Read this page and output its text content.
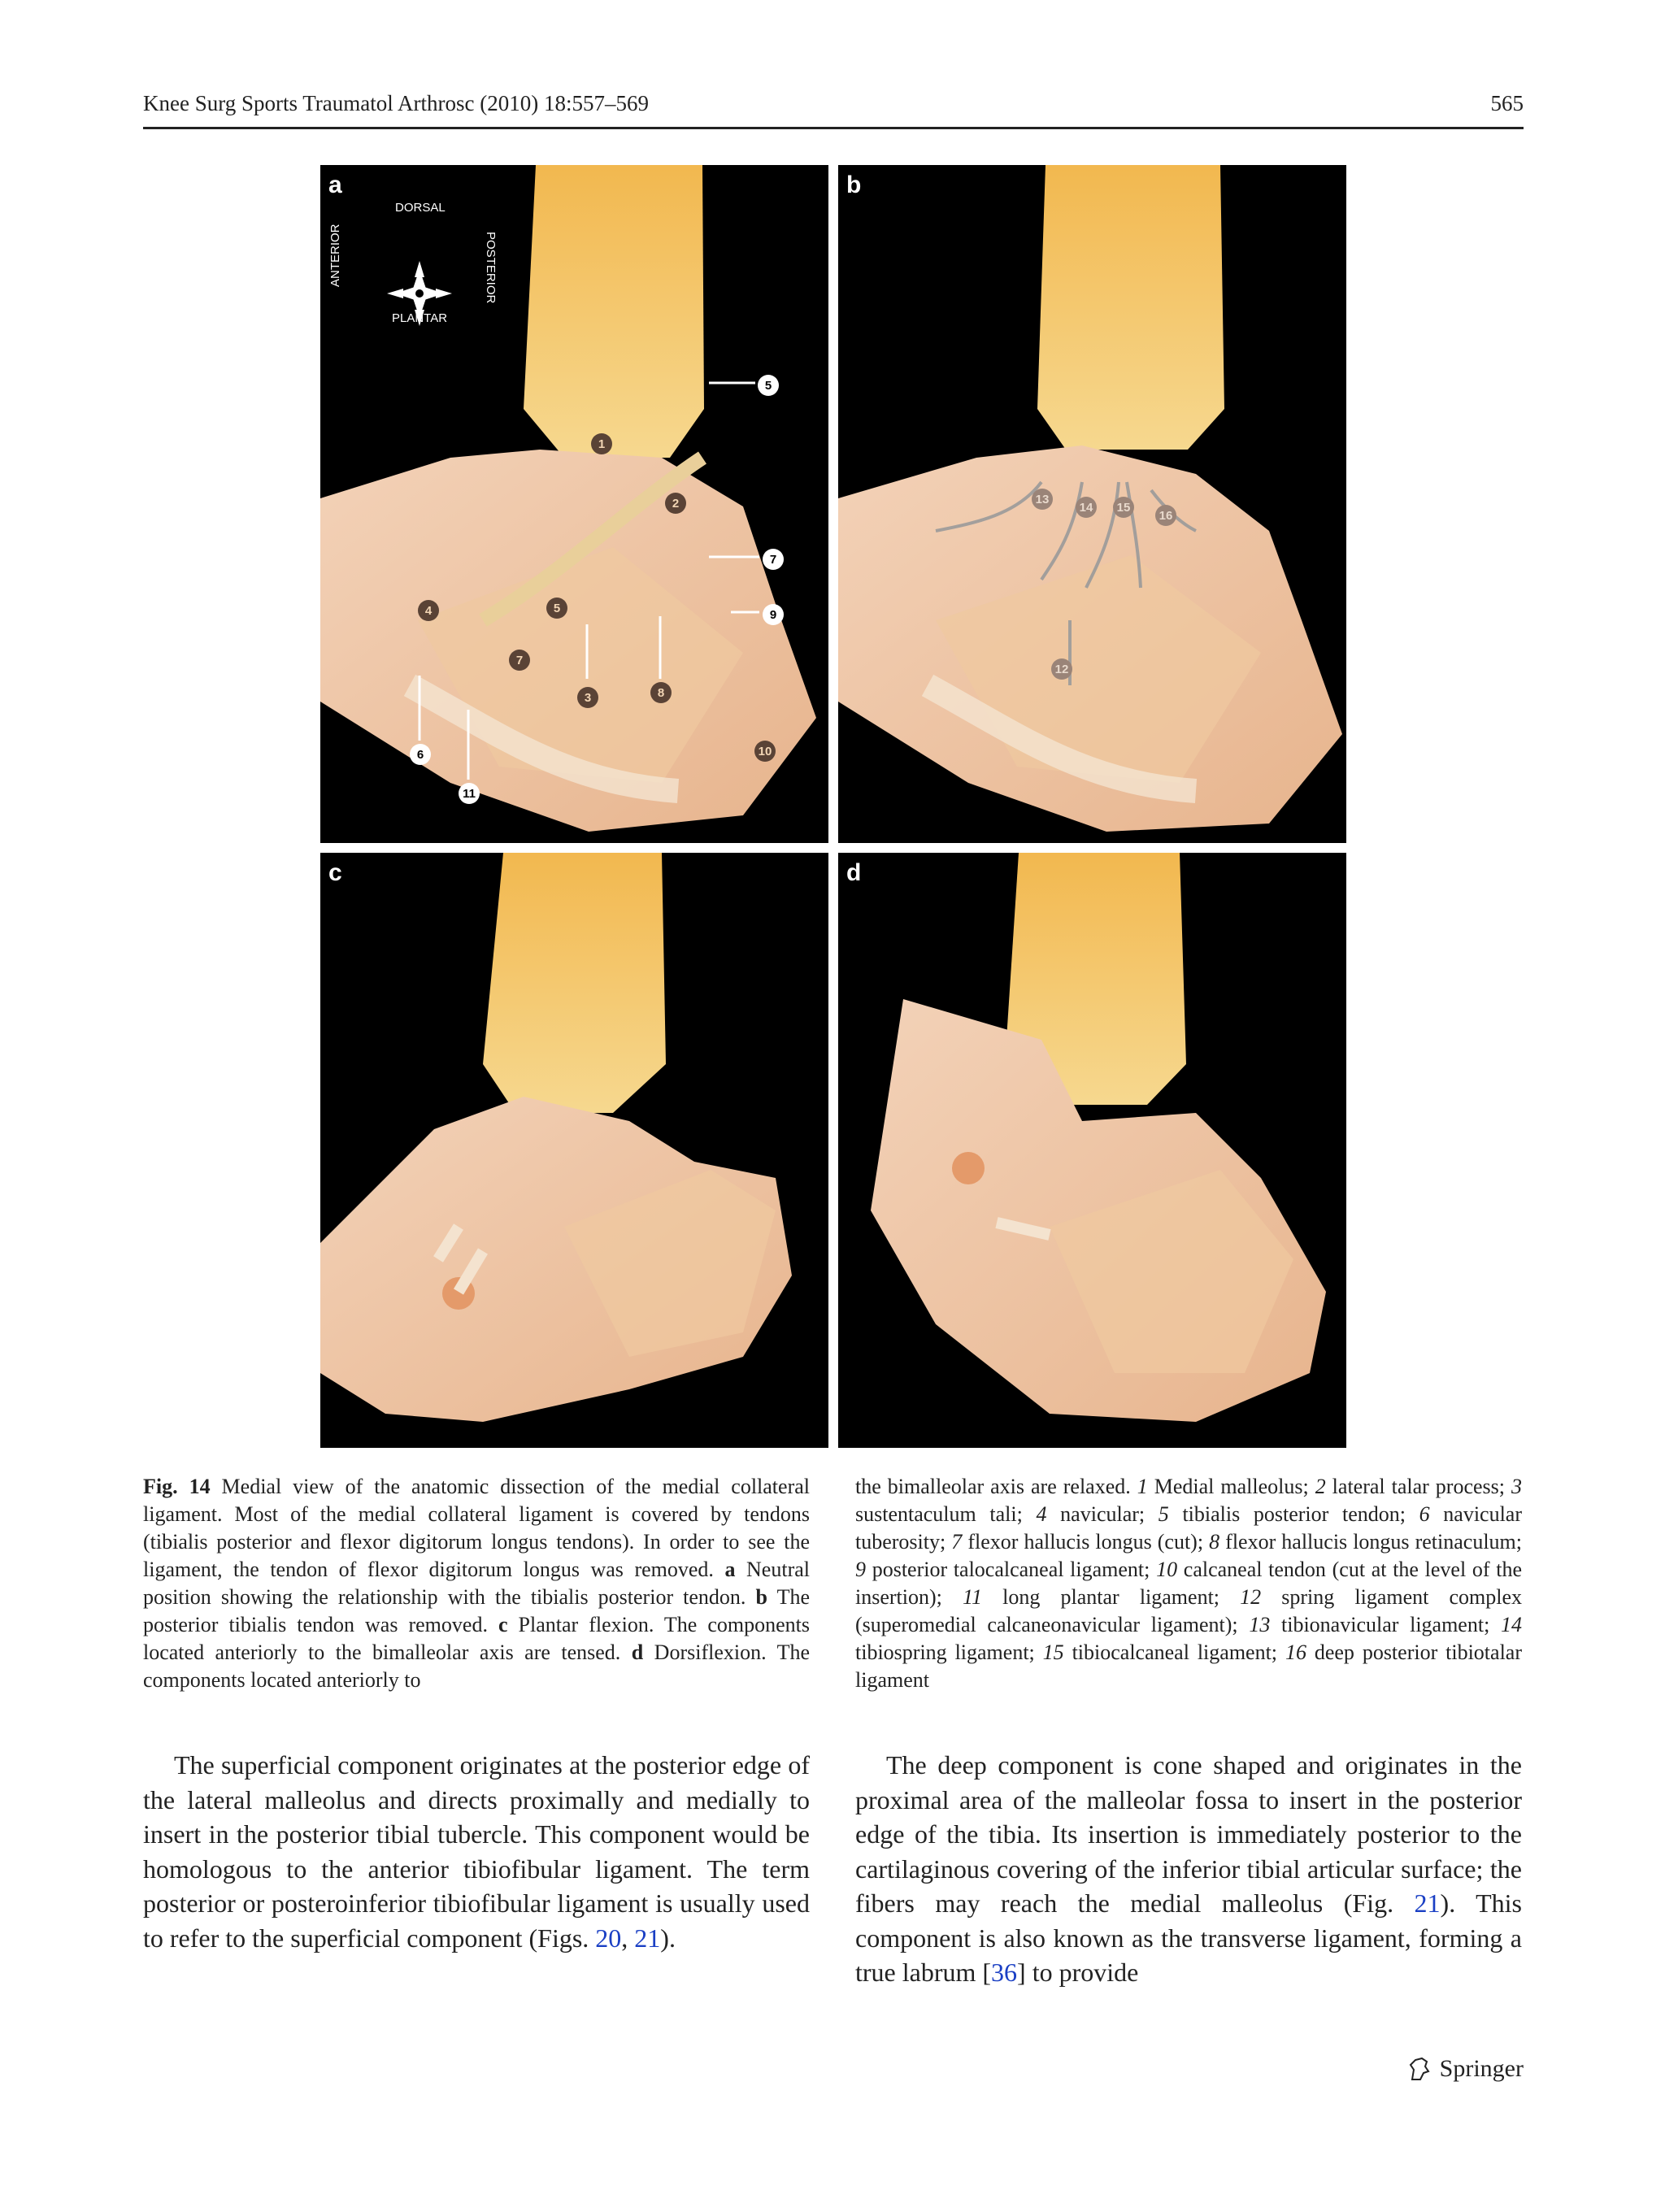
Knee Surg Sports Traumatol Arthrosc (2010) 18:557–569	565
a
DORSAL
PLANTAR
ANTERIOR	POSTERIOR
1
2
3
4
5
5
6
7
7
8
9
10
11
b
12
13
14	15
16
c	d

Fig. 14 Medial view of the anatomic dissection of the medial collateral ligament. Most of the medial collateral ligament is covered by tendons (tibialis posterior and flexor digitorum longus tendons). In order to see the ligament, the tendon of flexor digitorum longus was removed. a Neutral position showing the relationship with the tibialis posterior tendon. b The posterior tibialis tendon was removed. c Plantar flexion. The components located anteriorly to the bimalleolar axis are tensed. d Dorsiflexion. The components located anteriorly to

the bimalleolar axis are relaxed. 1 Medial malleolus; 2 lateral talar process; 3 sustentaculum tali; 4 navicular; 5 tibialis posterior tendon; 6 navicular tuberosity; 7 flexor hallucis longus (cut); 8 flexor hallucis longus retinaculum; 9 posterior talocalcaneal ligament; 10 calcaneal tendon (cut at the level of the insertion); 11 long plantar ligament; 12 spring ligament complex (superomedial calcaneonavicular ligament); 13 tibionavicular ligament; 14 tibiospring ligament; 15 tibiocalcaneal ligament; 16 deep posterior tibiotalar ligament

The superficial component originates at the posterior edge of the lateral malleolus and directs proximally and medially to insert in the posterior tibial tubercle. This component would be homologous to the anterior tibiofibular ligament. The term posterior or posteroinferior tibiofibular ligament is usually used to refer to the superficial component (Figs. 20, 21).

The deep component is cone shaped and originates in the proximal area of the malleolar fossa to insert in the posterior edge of the tibia. Its insertion is immediately posterior to the cartilaginous covering of the inferior tibial articular surface; the fibers may reach the medial malleolus (Fig. 21). This component is also known as the transverse ligament, forming a true labrum [36] to provide

Springer
